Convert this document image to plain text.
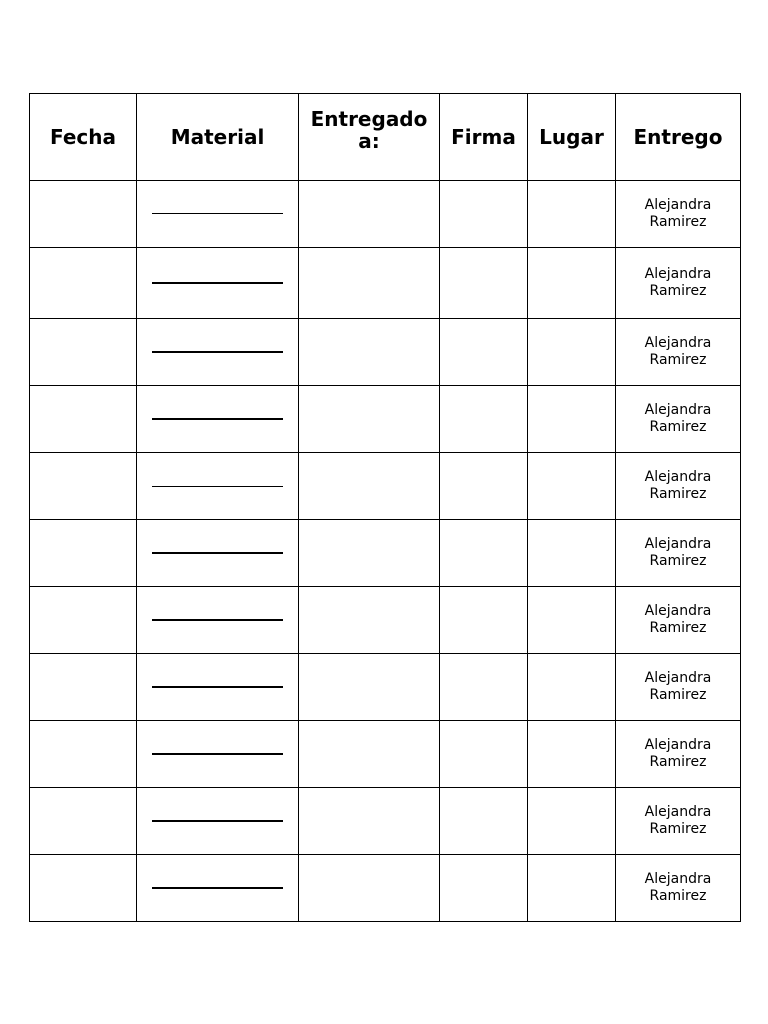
Fecha	Material	Entregado a:	Firma	Lugar	Entrego

					Alejandra Ramirez

					Alejandra Ramirez

					Alejandra Ramirez

					Alejandra Ramirez

					Alejandra Ramirez

					Alejandra Ramirez

					Alejandra Ramirez

					Alejandra Ramirez

					Alejandra Ramirez

					Alejandra Ramirez

					Alejandra Ramirez
